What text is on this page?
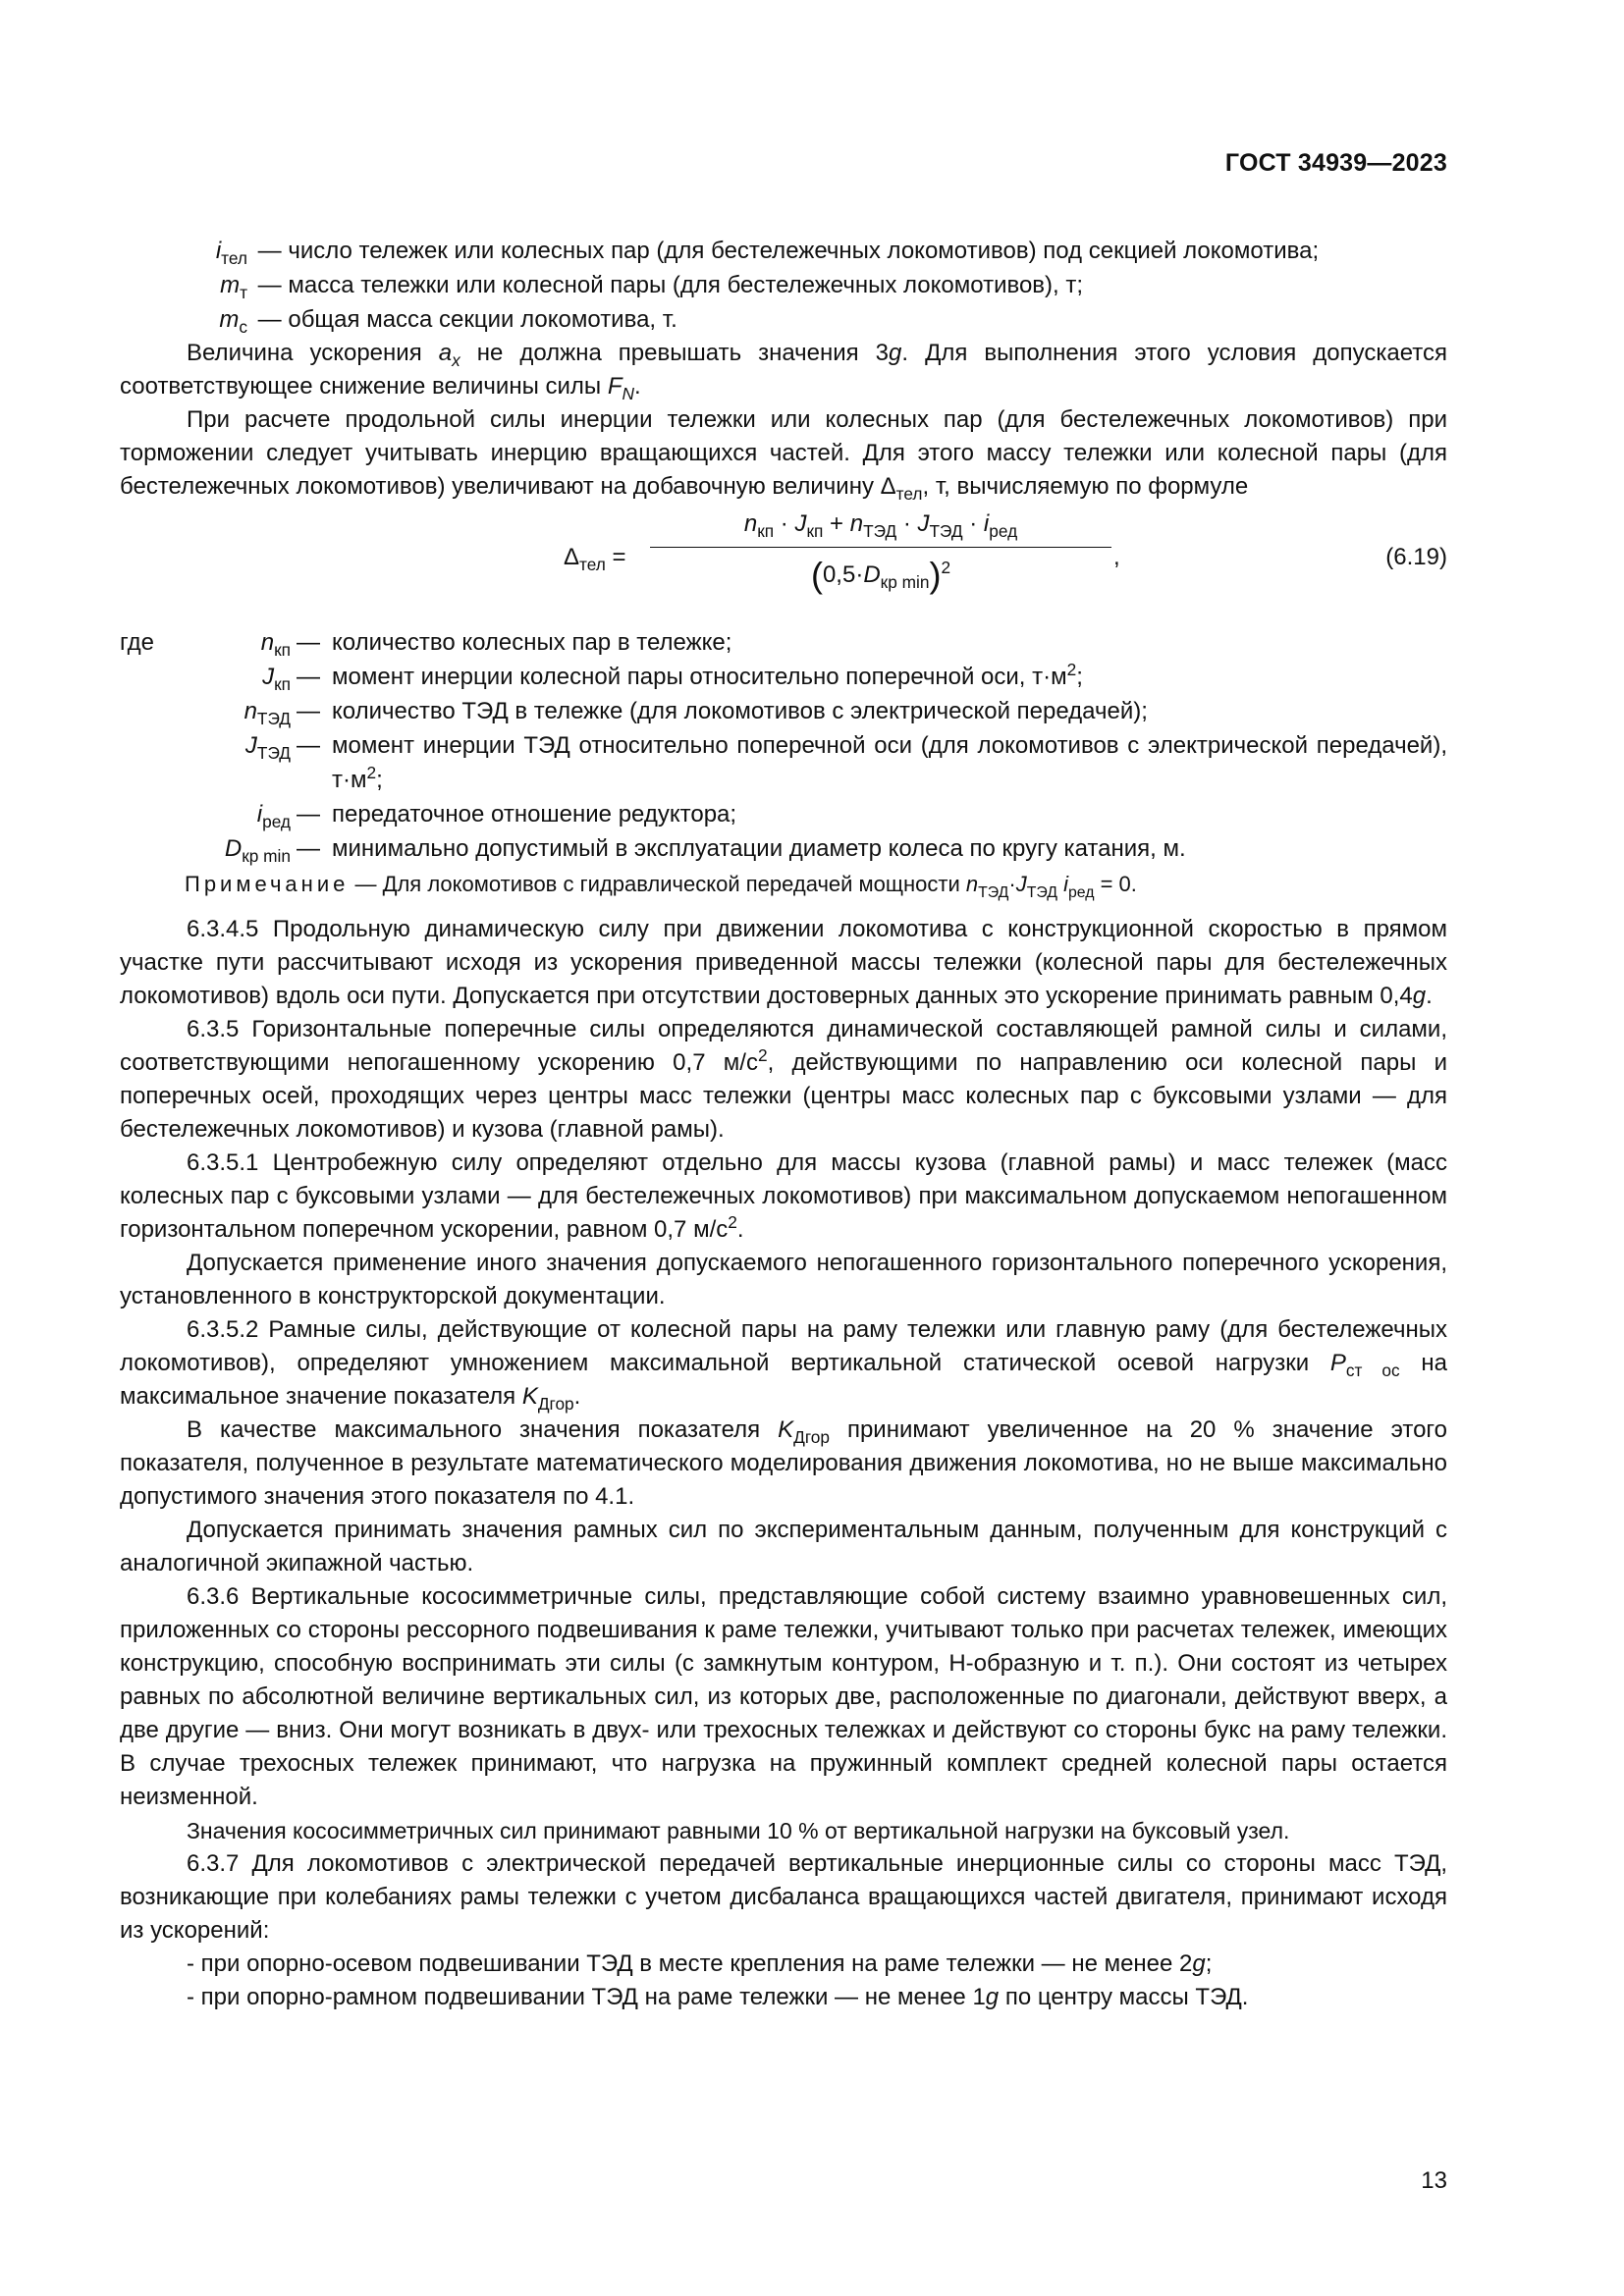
ГОСТ 34939—2023
$i_{тел}$ — число тележек или колесных пар (для бестележечных локомотивов) под секцией локомотива;
$m_т$ — масса тележки или колесной пары (для бестележечных локомотивов), т;
$m_с$ — общая масса секции локомотива, т.

Величина ускорения $a_x$ не должна превышать значения 3g. Для выполнения этого условия допускается соответствующее снижение величины силы $F_N$.

При расчете продольной силы инерции тележки или колесных пар (для бестележечных локомотивов) при торможении следует учитывать инерцию вращающихся частей. Для этого массу тележки или колесной пары (для бестележечных локомотивов) увеличивают на добавочную величину $\Delta_{тел}$, т, вычисляемую по формуле

$\Delta_{тел}$ =
$n_{кп} \cdot J_{кп} + n_{ТЭД} \cdot J_{ТЭД} \cdot i_{ред}$
$(0,5\cdot D_{кр min})^2$	,	(6.19)
где	$n_{кп}$ — количество колесных пар в тележке;
$J_{кп}$ — момент инерции колесной пары относительно поперечной оси, $т\cdot м^2$;
$n_{ТЭД}$ — количество ТЭД в тележке (для локомотивов с электрической передачей);
$J_{ТЭД}$ — момент инерции ТЭД относительно поперечной оси (для локомотивов с электрической передачей), $т\cdot м^2$;
$i_{ред}$ — передаточное отношение редуктора;
$D_{кр min}$ — минимально допустимый в эксплуатации диаметр колеса по кругу катания, м.
Примечание — Для локомотивов с гидравлической передачей мощности $n_{ТЭД}\cdot J_{ТЭД}$ $i_{ред} = 0$.

6.3.4.5 Продольную динамическую силу при движении локомотива с конструкционной скоростью в прямом участке пути рассчитывают исходя из ускорения приведенной массы тележки (колесной пары для бестележечных локомотивов) вдоль оси пути. Допускается при отсутствии достоверных данных это ускорение принимать равным 0,4g.

6.3.5 Горизонтальные поперечные силы определяются динамической составляющей рамной силы и силами, соответствующими непогашенному ускорению 0,7 $м/с^2$, действующими по направлению оси колесной пары и поперечных осей, проходящих через центры масс тележки (центры масс колесных пар с буксовыми узлами — для бестележечных локомотивов) и кузова (главной рамы).

6.3.5.1 Центробежную силу определяют отдельно для массы кузова (главной рамы) и масс тележек (масс колесных пар с буксовыми узлами — для бестележечных локомотивов) при максимальном допускаемом непогашенном горизонтальном поперечном ускорении, равном 0,7 $м/с^2$.

Допускается применение иного значения допускаемого непогашенного горизонтального поперечного ускорения, установленного в конструкторской документации.

6.3.5.2 Рамные силы, действующие от колесной пары на раму тележки или главную раму (для бестележечных локомотивов), определяют умножением максимальной вертикальной статической осевой нагрузки $P_{ст ос}$ на максимальное значение показателя $K_{Дгор}$.

В качестве максимального значения показателя $K_{Дгор}$ принимают увеличенное на 20 % значение этого показателя, полученное в результате математического моделирования движения локомотива, но не выше максимально допустимого значения этого показателя по 4.1.

Допускается принимать значения рамных сил по экспериментальным данным, полученным для конструкций с аналогичной экипажной частью.

6.3.6 Вертикальные кососимметричные силы, представляющие собой систему взаимно уравновешенных сил, приложенных со стороны рессорного подвешивания к раме тележки, учитывают только при расчетах тележек, имеющих конструкцию, способную воспринимать эти силы (с замкнутым контуром, Н-образную и т. п.). Они состоят из четырех равных по абсолютной величине вертикальных сил, из которых две, расположенные по диагонали, действуют вверх, а две другие — вниз. Они могут возникать в двух- или трехосных тележках и действуют со стороны букс на раму тележки. В случае трехосных тележек принимают, что нагрузка на пружинный комплект средней колесной пары остается неизменной.

Значения кососимметричных сил принимают равными 10 % от вертикальной нагрузки на буксовый узел.

6.3.7 Для локомотивов с электрической передачей вертикальные инерционные силы со стороны масс ТЭД, возникающие при колебаниях рамы тележки с учетом дисбаланса вращающихся частей двигателя, принимают исходя из ускорений:

- при опорно-осевом подвешивании ТЭД в месте крепления на раме тележки — не менее 2g;

- при опорно-рамном подвешивании ТЭД на раме тележки — не менее 1g по центру массы ТЭД.

13
